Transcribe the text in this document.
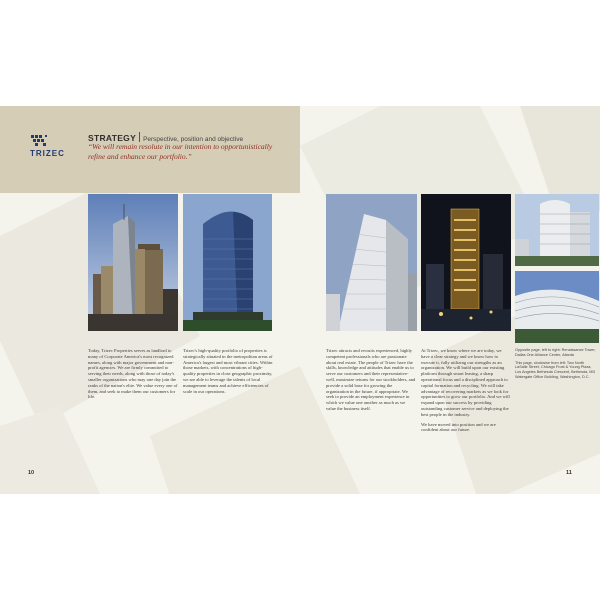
TRIZEC
STRATEGY Perspective, position and objective
“We will remain resolute in our intention to opportunistically refine and enhance our portfolio.”

Today, Trizec Properties serves as landlord to many of Corporate America's most recognized names, along with major government and non-profit agencies. We are firmly committed to serving their needs, along with those of today's smaller organizations who may one day join the ranks of the nation's elite. We value every one of them, and seek to make them our customers for life.

Trizec's high-quality portfolio of properties is strategically situated in the metropolitan areas of America's largest and most vibrant cities. Within those markets, with concentrations of high-quality properties in close geographic proximity, we are able to leverage the talents of local management teams and achieve efficiencies of scale in our operations.

Trizec attracts and recruits experienced, highly competent professionals who are passionate about real estate. The people of Trizec have the skills, knowledge and attitudes that enable us to serve our customers and their representative-well, maximize returns for our stockholders, and provide a solid base for growing the organization in the future, if appropriate. We seek to provide an employment experience in which we value one another as much as we value the business itself.

At Trizec, we know where we are today, we have a clear strategy and we know how to execute it, fully utilizing our strengths as an organization. We will build upon our existing platform through smart leasing, a sharp operational focus and a disciplined approach to capital formation and recycling. We will take advantage of recovering markets as we look for opportunities to grow our portfolio. And we will expand upon our success by providing outstanding customer service and deploying the best people in the industry.

We have moved into position and we are confident about our future.

Opposite page, left to right: Renaissance Tower, Dallas One Alliance Center, Atlanta

This page, clockwise from left: Two North LaSalle Street, Chicago Frost & Young Plaza, Los Angeles Bethesda Crescent, Bethesda, MD Watergate Office Building, Washington, D.C.

10	11
